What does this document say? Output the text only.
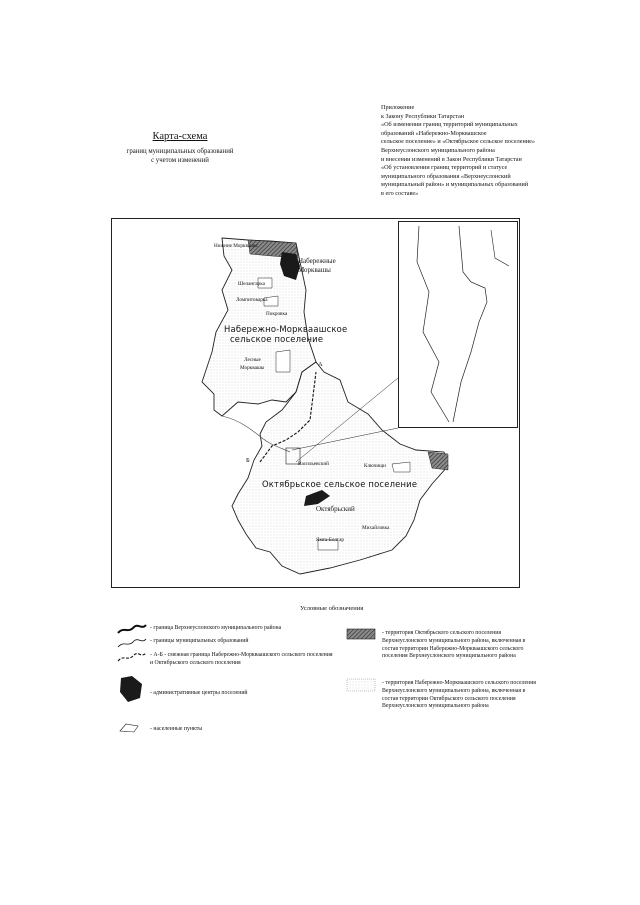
Приложение
к Закону Республики Татарстан
«Об изменении границ территорий муниципальных
образований «Набережно-Морквашское
сельское поселение» и «Октябрьское сельское поселение»
Верхнеуслонского муниципального района
и внесении изменений в Закон Республики Татарстан
«Об установлении границ территорий и статусе
муниципального образования «Верхнеуслонский
муниципальный район» и муниципальных образований
в его составе»
Карта-схема
границ муниципальных образований
с учетом изменений
Нижние Морквашы
Набережные
Морквашы
Шелангарка
Ломпитоварка
Покровка
Набережно-Моркваашское
сельское поселение
Лесные
Морквашы
А
Б	Васильевский	Ключищи
Октябрьское сельское поселение
Октябрьский
Михайловка
Ямга-Болгар
Условные обозначения
- граница Верхнеуслонского муниципального района
- границы муниципальных образований
- А-Б - смежная граница Набережно-Моркваашского сельского поселения и Октябрьского сельского поселения
- административные центры поселений
- населенные пункты
- территория Октябрьского сельского поселения Верхнеуслонского муниципального района, включенная в состав территории Набережно-Моркваашского сельского поселения Верхнеуслонского муниципального района
- территория Набережно-Моркваашского сельского поселения Верхнеуслонского муниципального района, включенная в состав территории Октябрьского сельского поселения Верхнеуслонского муниципального района
